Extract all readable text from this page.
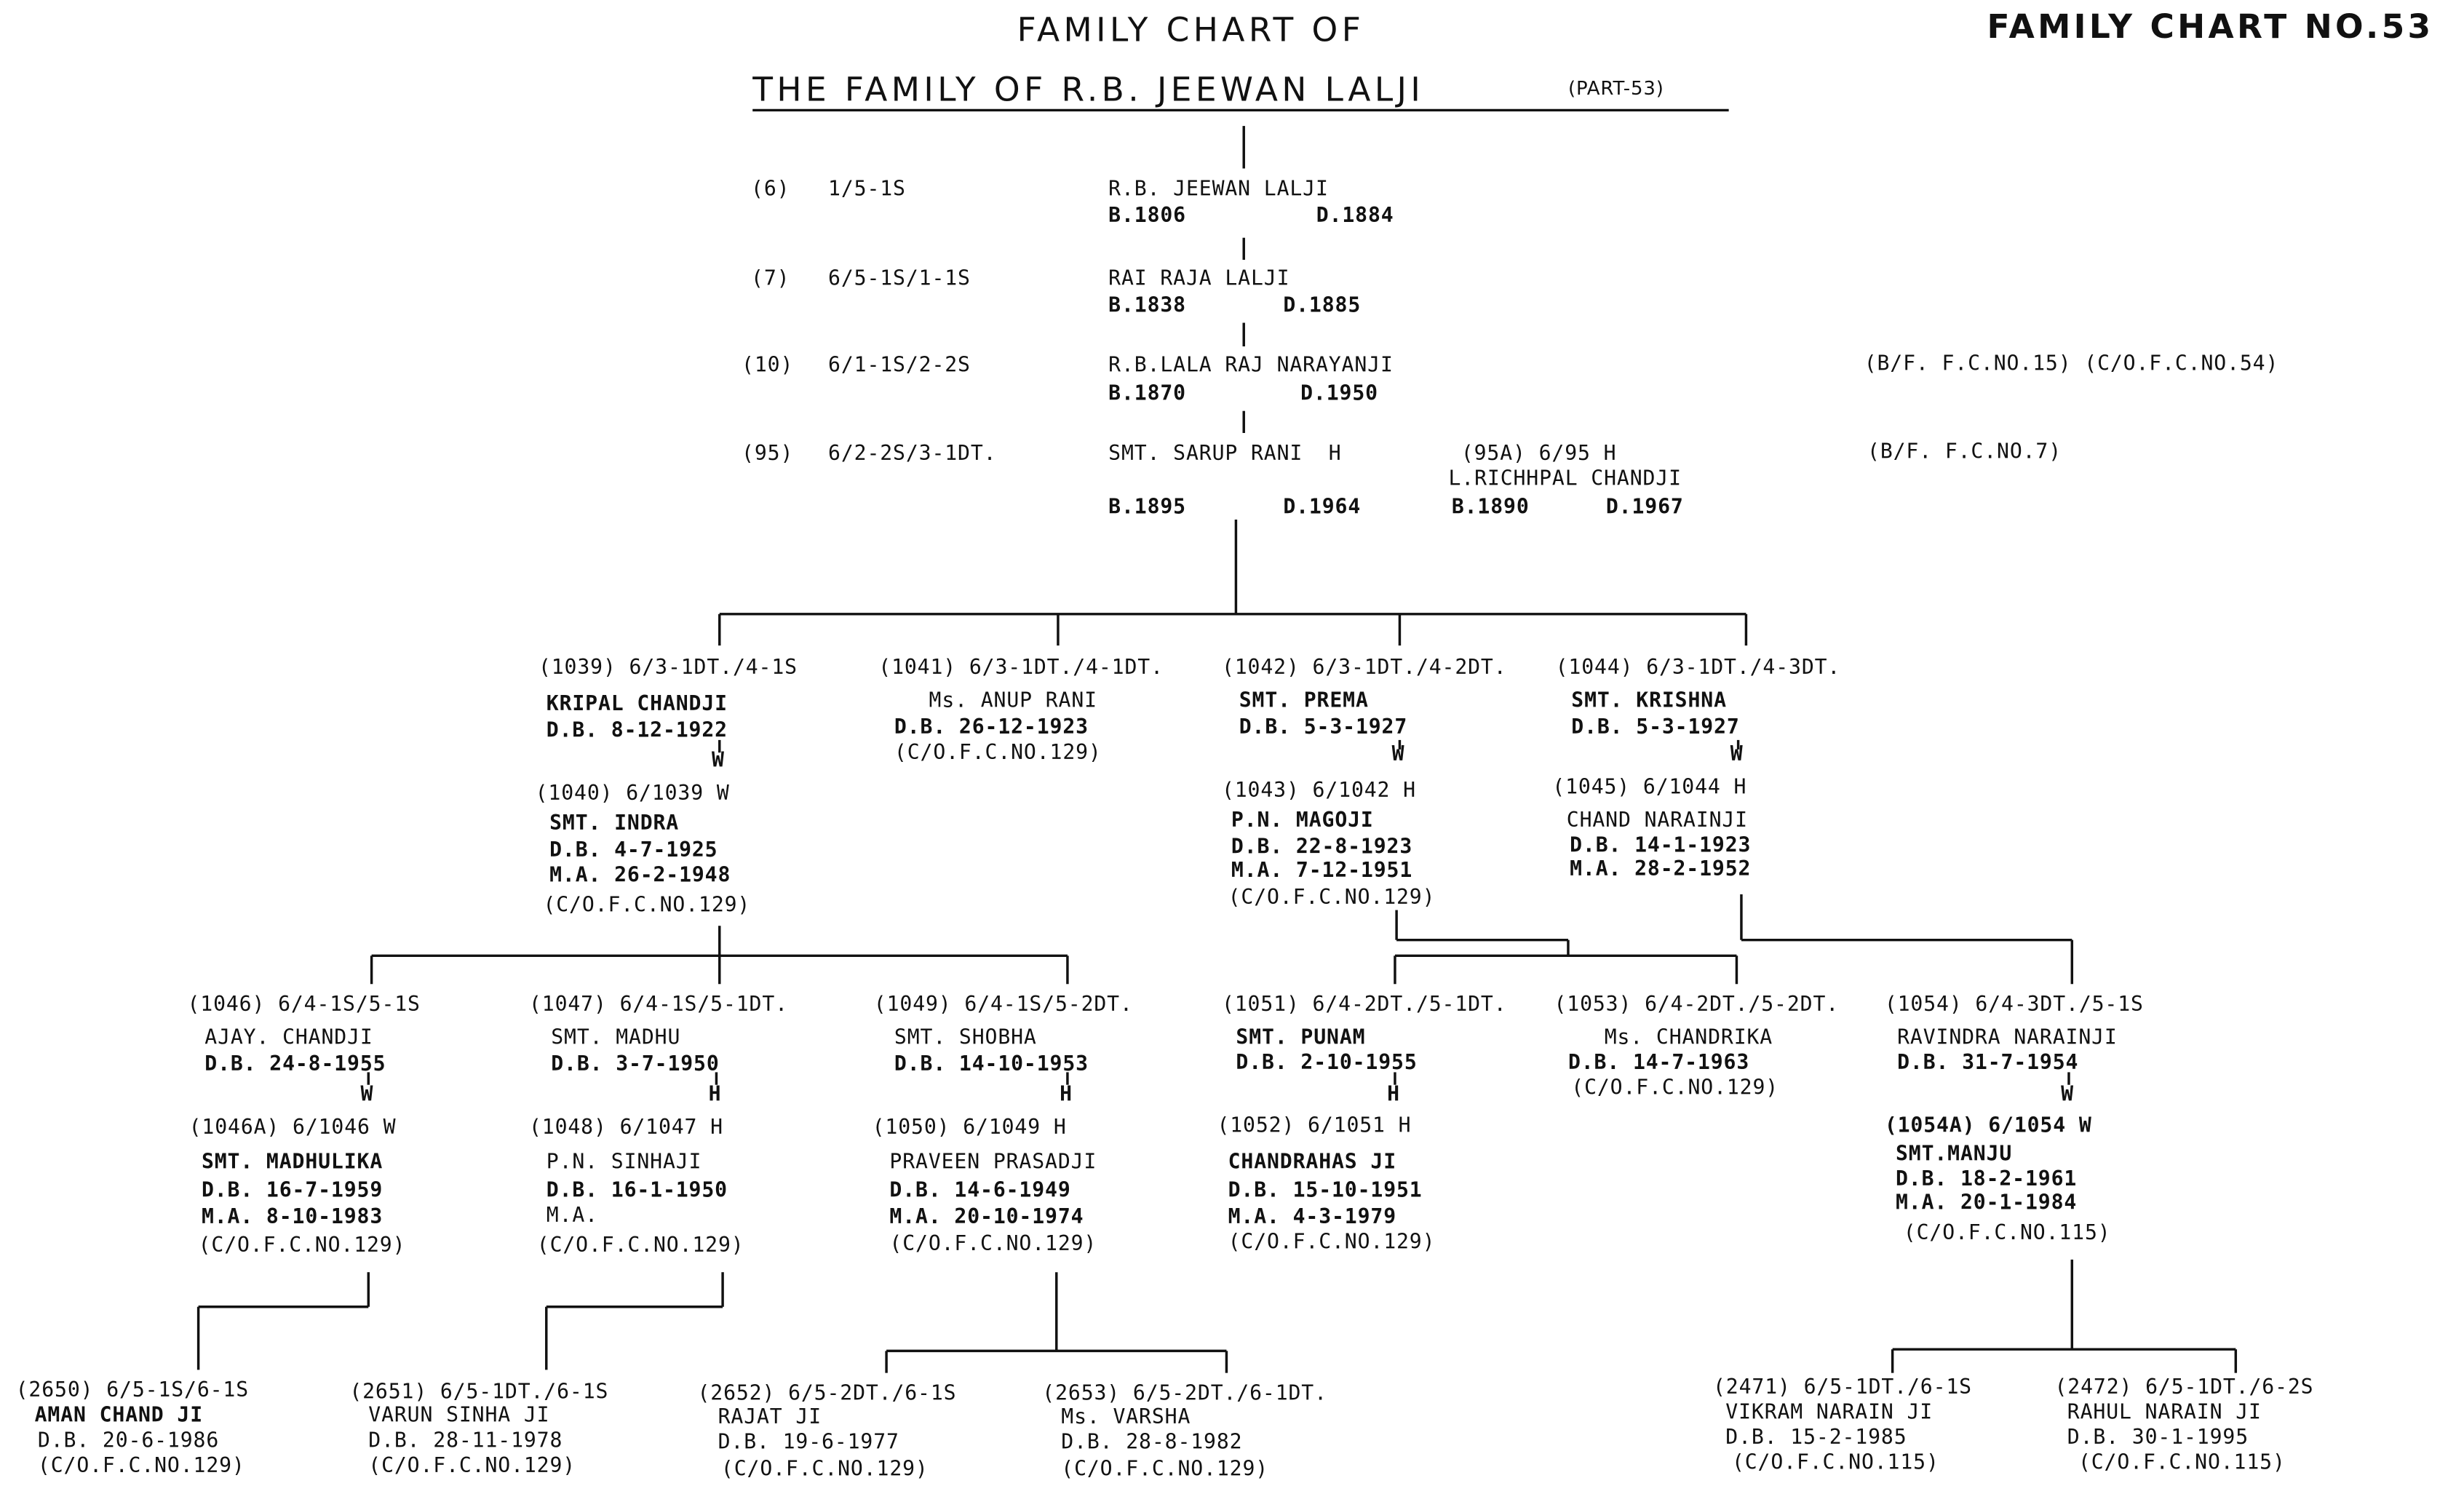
FAMILY CHART OF
THE FAMILY OF R.B. JEEWAN LALJI	(PART-53)
FAMILY CHART NO.53
(6)	1/5-1S	R.B. JEEWAN LALJI
B.1806	D.1884
(7)	6/5-1S/1-1S	RAI RAJA LALJI
B.1838	D.1885
(10)	6/1-1S/2-2S	R.B.LALA RAJ NARAYANJI
B.1870	D.1950
(B/F. F.C.NO.15) (C/O.F.C.NO.54)
(95)	6/2-2S/3-1DT.	SMT. SARUP RANI  H	(95A) 6/95 H
L.RICHHPAL CHANDJI
B.1895	D.1964	B.1890	D.1967
(B/F. F.C.NO.7)
(1039) 6/3-1DT./4-1S
KRIPAL CHANDJI
D.B. 8-12-1922
W
(1040) 6/1039 W
SMT. INDRA
D.B. 4-7-1925
M.A. 26-2-1948
(C/O.F.C.NO.129)
(1041) 6/3-1DT./4-1DT.
Ms. ANUP RANI
D.B. 26-12-1923
(C/O.F.C.NO.129)
(1042) 6/3-1DT./4-2DT.
SMT. PREMA
D.B. 5-3-1927
W
(1043) 6/1042 H
P.N. MAGOJI
D.B. 22-8-1923
M.A. 7-12-1951
(C/O.F.C.NO.129)
(1044) 6/3-1DT./4-3DT.
SMT. KRISHNA
D.B. 5-3-1927
W
(1045) 6/1044 H
CHAND NARAINJI
D.B. 14-1-1923
M.A. 28-2-1952
(1046) 6/4-1S/5-1S
AJAY. CHANDJI
D.B. 24-8-1955
W
(1046A) 6/1046 W
SMT. MADHULIKA
D.B. 16-7-1959
M.A. 8-10-1983
(C/O.F.C.NO.129)
(1047) 6/4-1S/5-1DT.
SMT. MADHU
D.B. 3-7-1950
H
(1048) 6/1047 H
P.N. SINHAJI
D.B. 16-1-1950
M.A.
(C/O.F.C.NO.129)
(1049) 6/4-1S/5-2DT.
SMT. SHOBHA
D.B. 14-10-1953
H
(1050) 6/1049 H
PRAVEEN PRASADJI
D.B. 14-6-1949
M.A. 20-10-1974
(C/O.F.C.NO.129)
(1051) 6/4-2DT./5-1DT.
SMT. PUNAM
D.B. 2-10-1955
H
(1052) 6/1051 H
CHANDRAHAS JI
D.B. 15-10-1951
M.A. 4-3-1979
(C/O.F.C.NO.129)
(1053) 6/4-2DT./5-2DT.
Ms. CHANDRIKA
D.B. 14-7-1963
(C/O.F.C.NO.129)
(1054) 6/4-3DT./5-1S
RAVINDRA NARAINJI
D.B. 31-7-1954
W
(1054A) 6/1054 W
SMT.MANJU
D.B. 18-2-1961
M.A. 20-1-1984
(C/O.F.C.NO.115)
(2650) 6/5-1S/6-1S
AMAN CHAND JI
D.B. 20-6-1986
(C/O.F.C.NO.129)
(2651) 6/5-1DT./6-1S
VARUN SINHA JI
D.B. 28-11-1978
(C/O.F.C.NO.129)
(2652) 6/5-2DT./6-1S
RAJAT JI
D.B. 19-6-1977
(C/O.F.C.NO.129)
(2653) 6/5-2DT./6-1DT.
Ms. VARSHA
D.B. 28-8-1982
(C/O.F.C.NO.129)
(2471) 6/5-1DT./6-1S
VIKRAM NARAIN JI
D.B. 15-2-1985
(C/O.F.C.NO.115)
(2472) 6/5-1DT./6-2S
RAHUL NARAIN JI
D.B. 30-1-1995
(C/O.F.C.NO.115)
